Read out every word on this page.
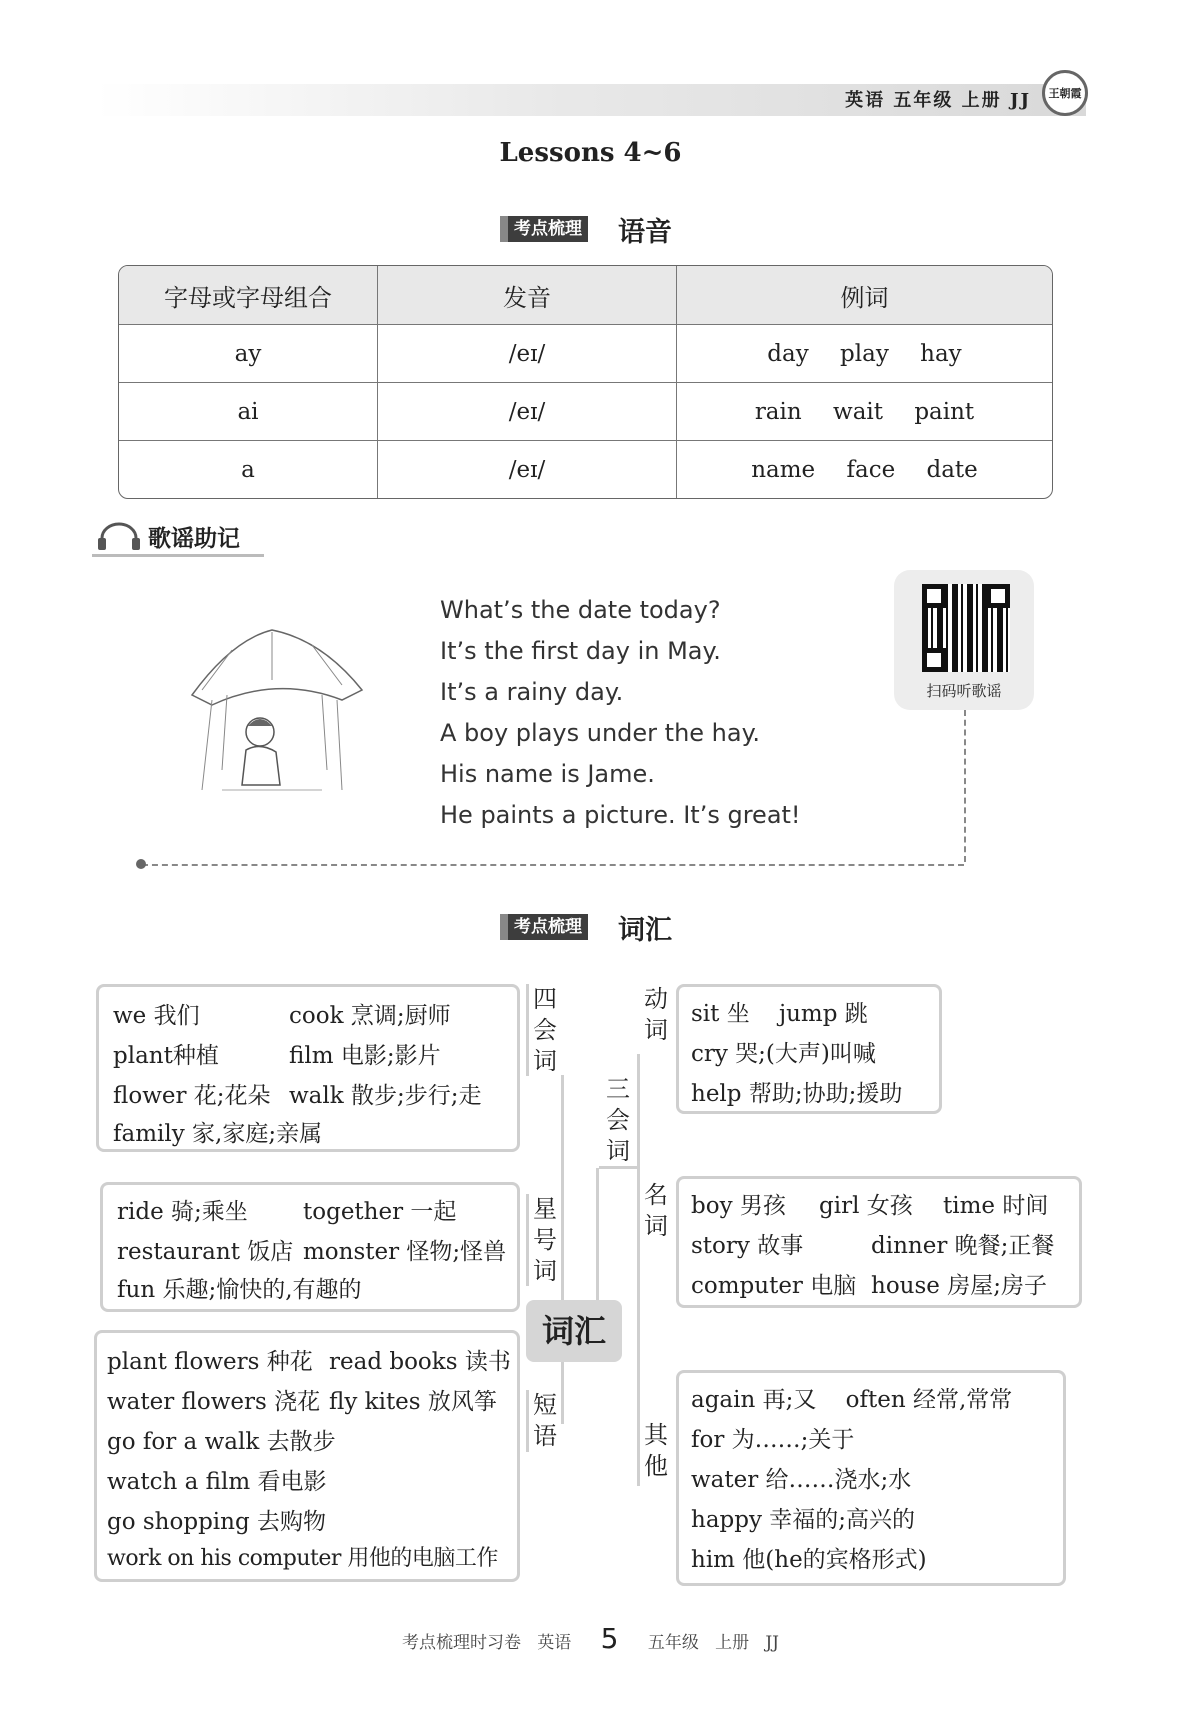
英语 五年级 上册 JJ	王朝霞
Lessons 4~6
考点梳理 语音
字母或字母组合	发音	例词
ay	/eɪ/	day play hay
ai	/eɪ/	rain wait paint
a	/eɪ/	name face date
歌谣助记
What’s the date today?
It’s the first day in May.
It’s a rainy day.
A boy plays under the hay.
His name is Jame.
He paints a picture. It’s great!
扫码听歌谣
考点梳理 词汇
we 我们	cook 烹调;厨师
plant种植	film 电影;影片
flower 花;花朵 walk 散步;步行;走
family 家,家庭;亲属
四会词
ride 骑;乘坐 together 一起
restaurant 饭店 monster 怪物;怪兽
fun 乐趣;愉快的,有趣的
星号词
plant flowers 种花 read books 读书
water flowers 浇花 fly kites 放风筝
go for a walk 去散步
watch a film 看电影
go shopping 去购物
work on his computer 用他的电脑工作
短语
词汇
三会词
动词
sit 坐    jump 跳
cry 哭;(大声)叫喊
help 帮助;协助;援助
名词
boy 男孩 girl 女孩 time 时间
story 故事	dinner 晚餐;正餐
computer 电脑 house 房屋;房子
其他
again 再;又    often 经常,常常
for 为……;关于
water 给……浇水;水
happy 幸福的;高兴的
him 他(he的宾格形式)
考点梳理时习卷 英语 5 五年级 上册 JJ
